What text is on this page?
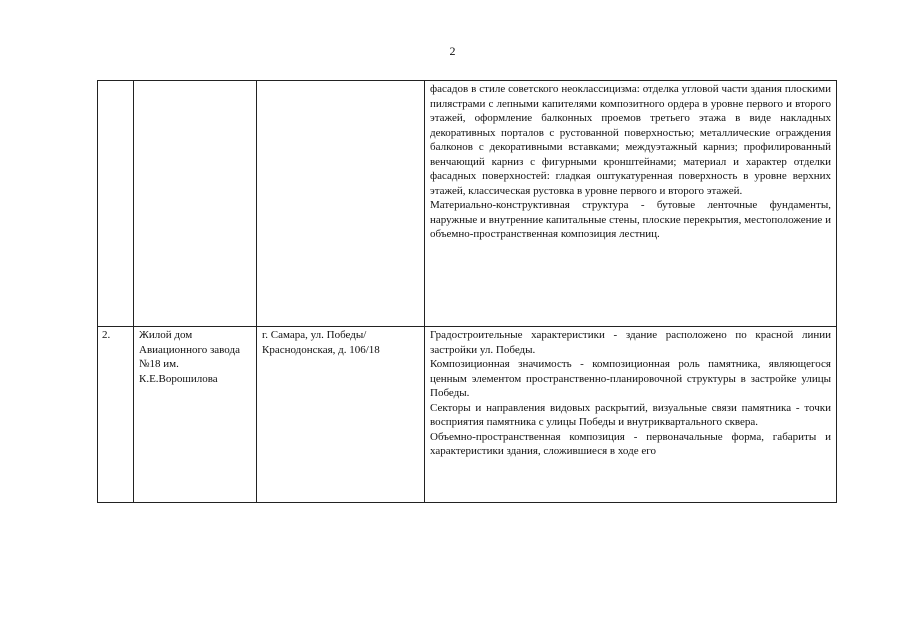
2

			фасадов в стиле советского неоклассицизма: отделка угловой части здания плоскими пилястрами с лепными капителями композитного ордера в уровне первого и второго этажей, оформление балконных проемов третьего этажа в виде накладных декоративных порталов с рустованной поверхностью; металлические ограждения балконов с декоративными вставками; междуэтажный карниз; профилированный венчающий карниз с фигурными кронштейнами; материал и характер отделки фасадных поверхностей: гладкая оштукатуренная поверхность в уровне верхних этажей, классическая рустовка в уровне первого и второго этажей.
Материально-конструктивная структура - бутовые ленточные фундаменты, наружные и внутренние капитальные стены, плоские перекрытия, местоположение и объемно-пространственная композиция лестниц.

2.	Жилой дом Авиационного завода №18 им. К.Е.Ворошилова	г. Самара, ул. Победы/Краснодонская, д. 106/18	Градостроительные характеристики - здание расположено по красной линии застройки ул. Победы.
Композиционная значимость - композиционная роль памятника, являющегося ценным элементом пространственно-планировочной структуры в застройке улицы Победы.
Секторы и направления видовых раскрытий, визуальные связи памятника - точки восприятия памятника с улицы Победы и внутриквартального сквера.
Объемно-пространственная композиция - первоначальные форма, габариты и характеристики здания, сложившиеся в ходе его
